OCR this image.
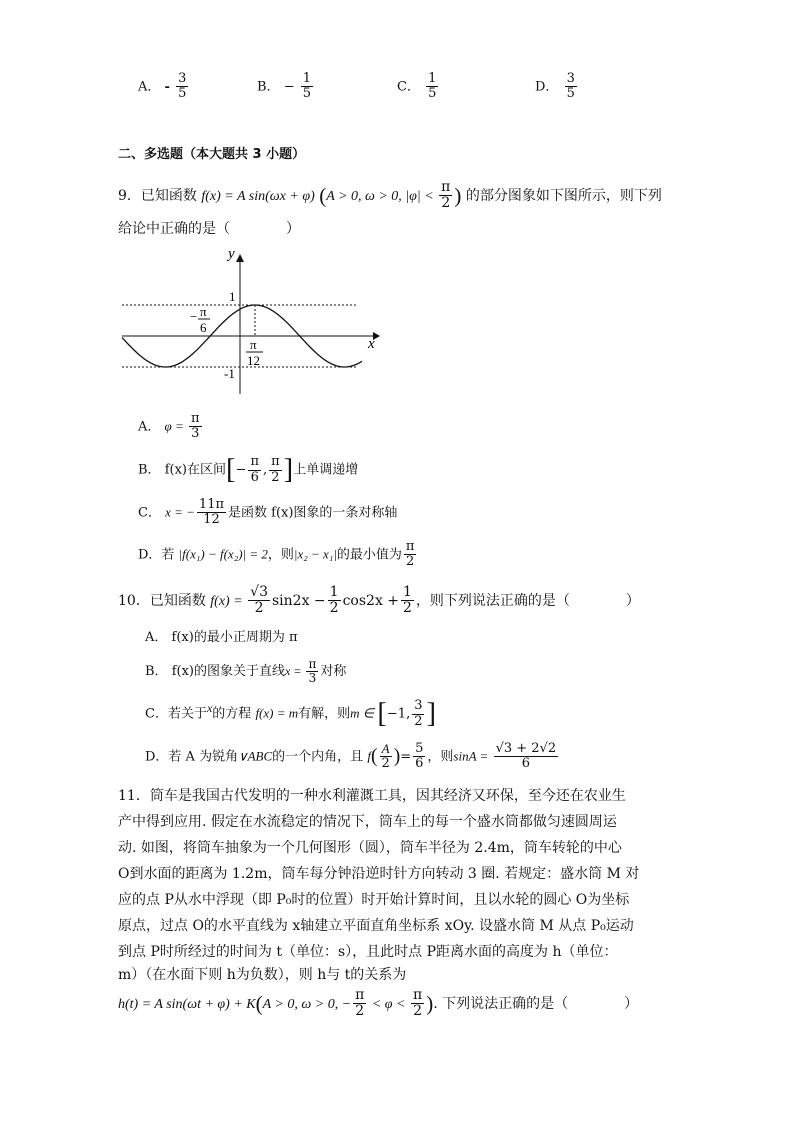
A． - $\frac{3}{5}$	B． − $\frac{1}{5}$	C． $\frac{1}{5}$	D． $\frac{3}{5}$
二、多选题（本大题共 3 小题）
9．已知函数 f(x) = A sin(ωx + φ) (A > 0, ω > 0, $|\varphi| < \frac{\pi}{2}$ ) 的部分图象如下图所示，则下列
给论中正确的是（　　　　）
y
x
1
-1
− π
6
π
12
A． $\varphi = \frac{\pi}{3}$
B． f(x)在区间[− $\frac{\pi}{6}$ , $\frac{\pi}{2}$ ]上单调递增
C． x = − $\frac{11\pi}{12}$ 是函数 f(x)图象的一条对称轴
D．若 |f(x₁) − f(x₂)| = 2，则|x₂ − x₁|的最小值为 $\frac{\pi}{2}$
10．已知函数 $f(x) = \frac{√3}{2} \sin 2x - \frac{1}{2} \cos 2x + \frac{1}{2}$ ，则下列说法正确的是（　　　　）
A． f(x)的最小正周期为 π
B． f(x)的图象关于直线$x = \frac{\pi}{3}$ 对称
C．若关于$^x$的方程 f(x) = m有解，则m ∈ [−1, $\frac{3}{2}$ ]
D．若 A 为锐角∨ABC的一个内角，且 $f( \frac{A}{2}$ )= $\frac{5}{6}$ ，则$\sin A = \frac{√3 + 2√2}{6}$
11．筒车是我国古代发明的一种水利灌溉工具，因其经济又环保，至今还在农业生
产中得到应用. 假定在水流稳定的情况下，筒车上的每一个盛水筒都做匀速圆周运
动. 如图，将筒车抽象为一个几何图形（圆），筒车半径为 2.4m，筒车转轮的中心
O到水面的距离为 1.2m，筒车每分钟沿逆时针方向转动 3 圈. 若规定：盛水筒 M 对
应的点 P从水中浮现（即 P₀时的位置）时开始计算时间，且以水轮的圆心 O为坐标
原点，过点 O的水平直线为 x轴建立平面直角坐标系 xOy. 设盛水筒 M 从点 P₀运动
到点 P时所经过的时间为 t（单位：s），且此时点 P距离水面的高度为 h（单位：
m）（在水面下则 h为负数），则 h与 t的关系为
h(t) = A sin(ωt + φ) + K(A > 0, ω > 0, − $\frac{\pi}{2} < \varphi < \frac{\pi}{2}$ ). 下列说法正确的是（　　　　）
